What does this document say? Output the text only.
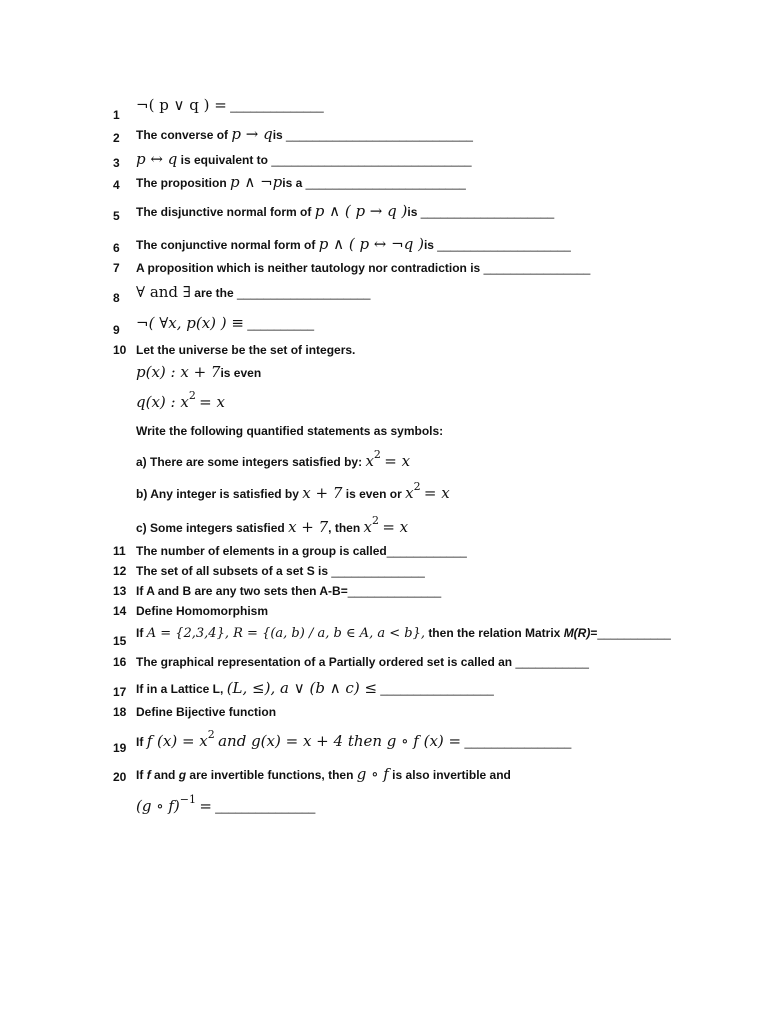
1
¬( p ∨ q ) = ______________
2	The converse of p → qis ____________________________
3	p ↔ q is equivalent to ______________________________
4	The proposition p ∧ ¬pis a ________________________
5	The disjunctive normal form of p ∧ ( p → q )is ____________________
6	The conjunctive normal form of p ∧ ( p ↔ ¬q )is ____________________
7	A proposition which is neither tautology nor contradiction is ________________
8	∀ and ∃ are the ____________________
9	¬( ∀x, p(x) ) ≡ __________
10 Let the universe be the set of integers.
p(x) : x + 7is even
q(x) : x2 = x
Write the following quantified statements as symbols:
a) There are some integers satisfied by: x2 = x
b) Any integer is satisfied by x + 7 is even or x2 = x
c) Some integers satisfied x + 7, then x2 = x
11 The number of elements in a group is called____________
12 The set of all subsets of a set S is ______________
13 If A and B are any two sets then A-B=______________
14 Define Homomorphism
15
If A = {2,3,4}, R = {(a, b) / a, b ∈ A, a < b}, then the relation Matrix M(R)=___________
16 The graphical representation of a Partially ordered set is called an ___________
17 If in a Lattice L, (L, ≤), a ∨ (b ∧ c) ≤ _________________
18 Define Bijective function
19 If f (x) = x2 and g(x) = x + 4 then g ∘ f (x) = ________________
20 If f and g are invertible functions, then g ∘ f is also invertible and
(g ∘ f)−1 = _______________
